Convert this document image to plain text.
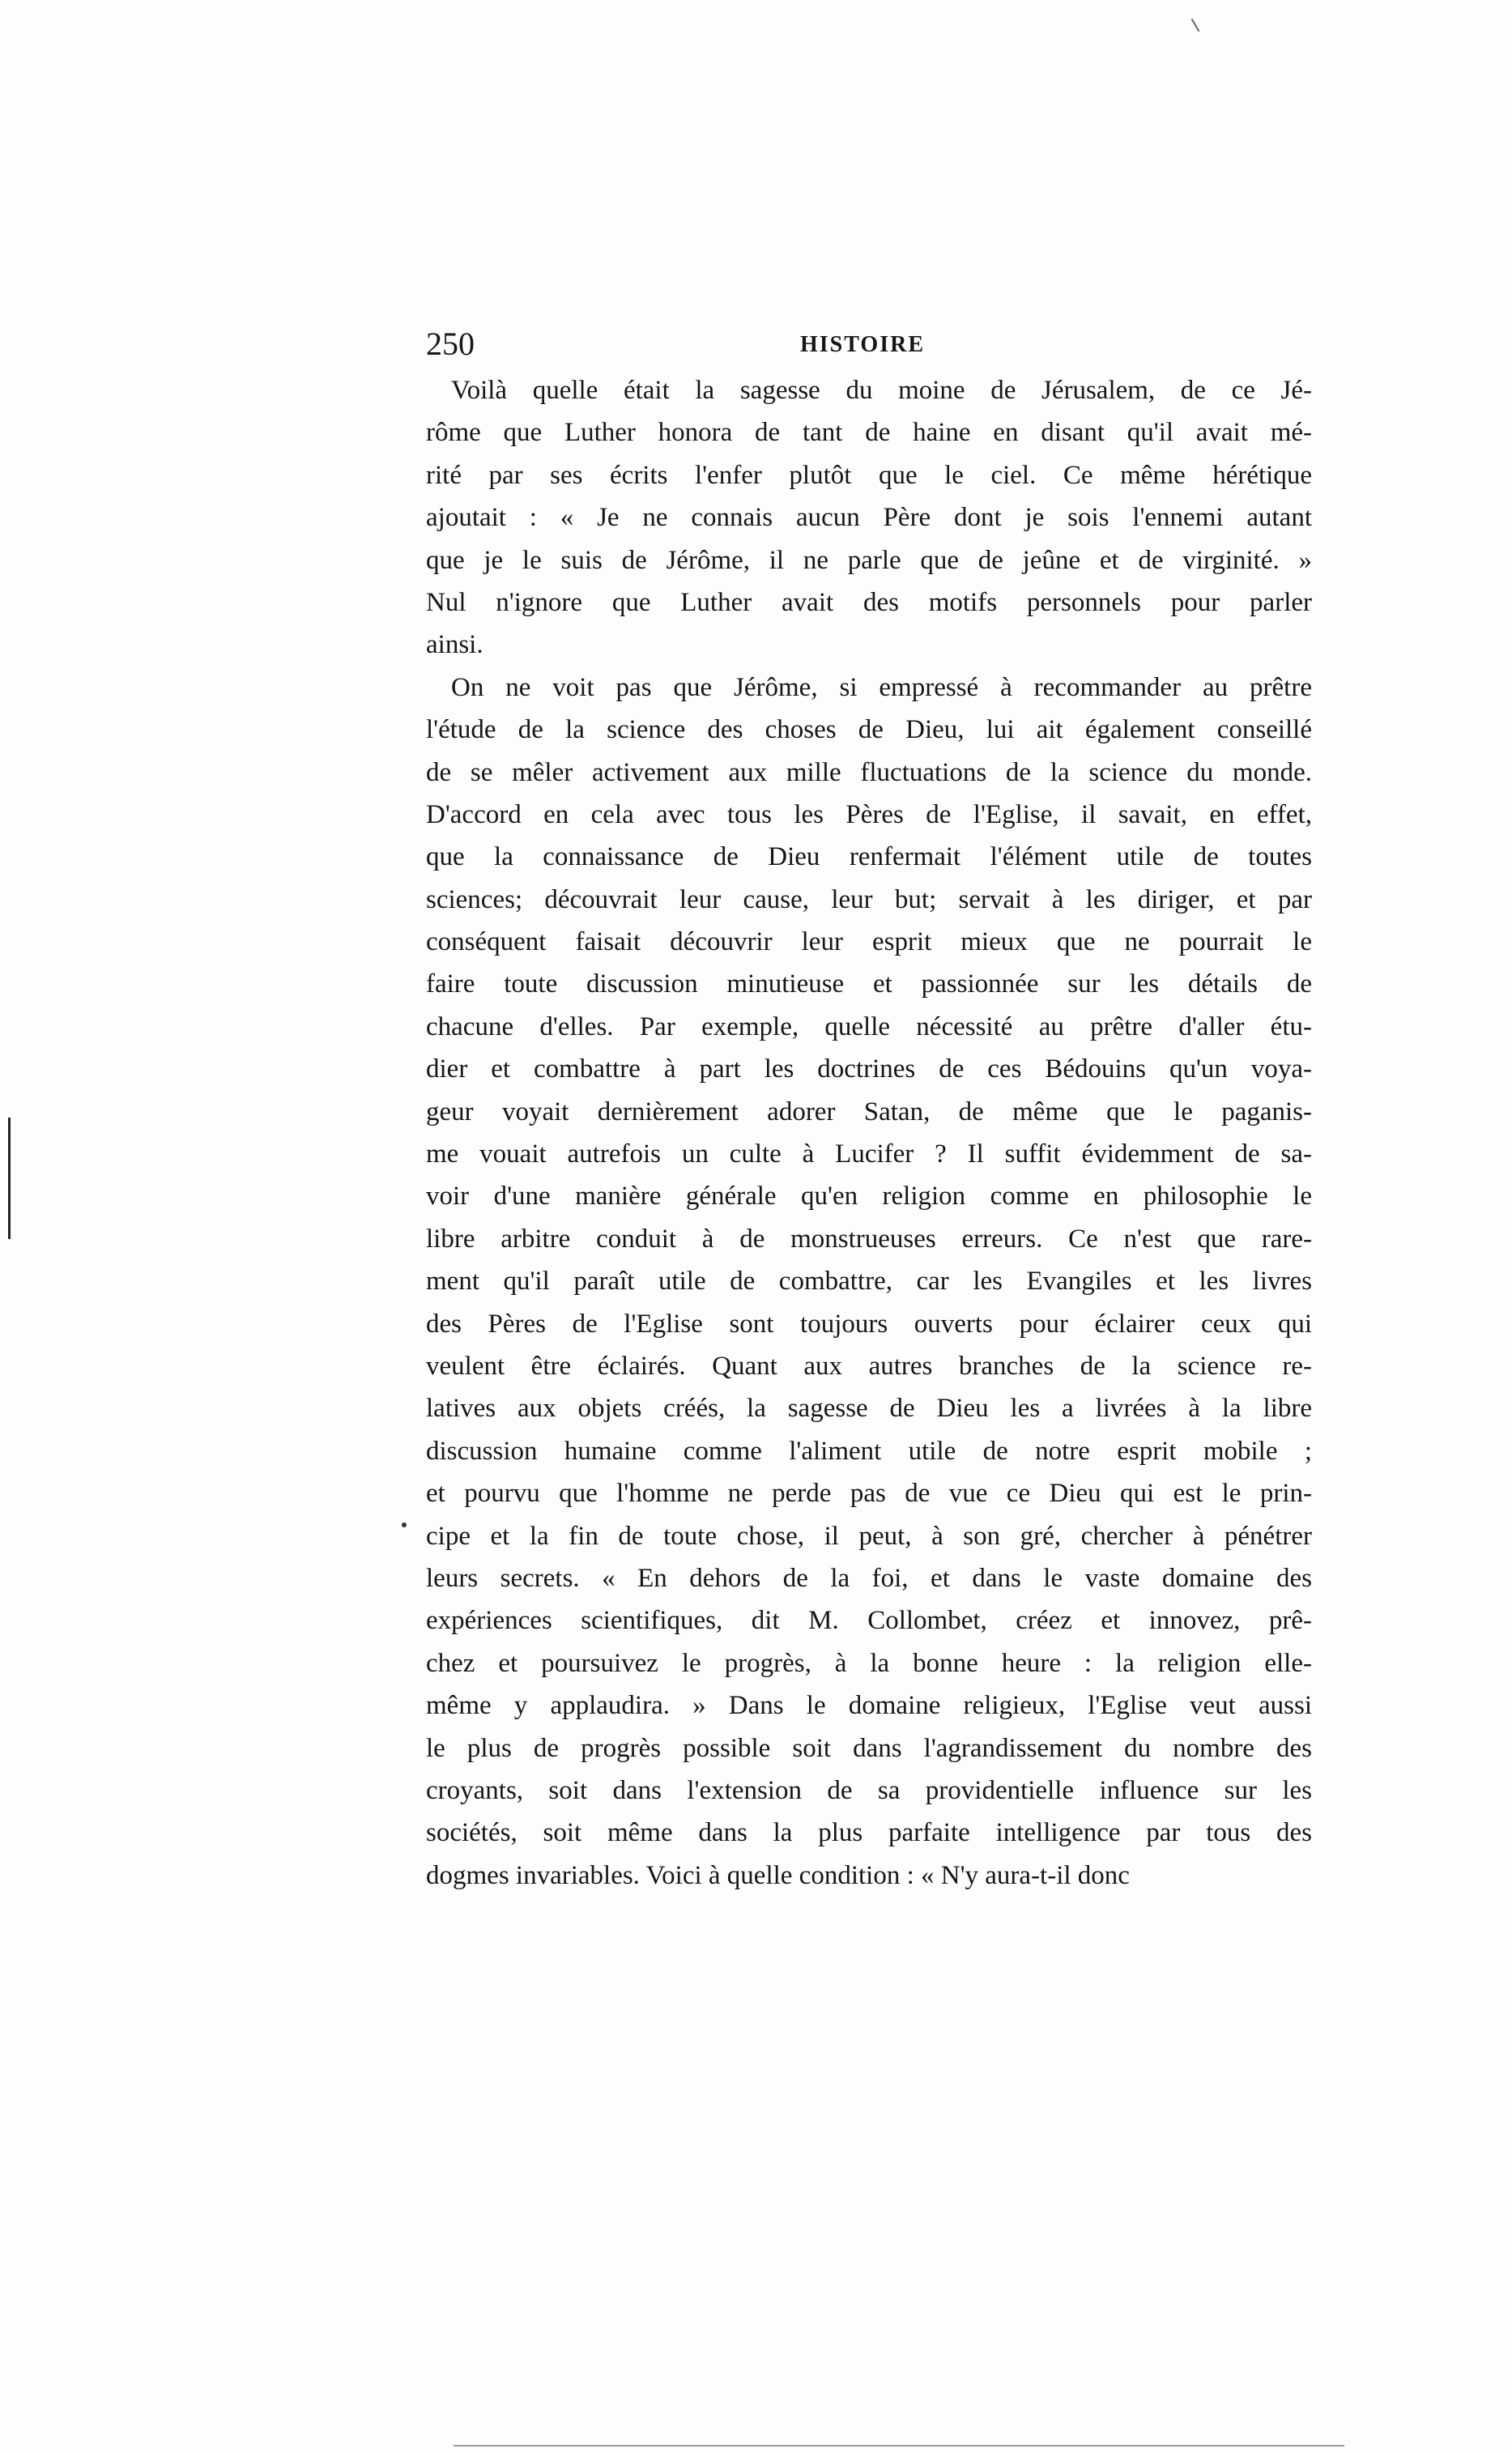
250	HISTOIRE
Voilà quelle était la sagesse du moine de Jérusalem, de ce Jé-
rôme que Luther honora de tant de haine en disant qu'il avait mé-
rité par ses écrits l'enfer plutôt que le ciel. Ce même hérétique
ajoutait : « Je ne connais aucun Père dont je sois l'ennemi autant
que je le suis de Jérôme, il ne parle que de jeûne et de virginité. »
Nul n'ignore que Luther avait des motifs personnels pour parler
ainsi.
On ne voit pas que Jérôme, si empressé à recommander au prêtre
l'étude de la science des choses de Dieu, lui ait également conseillé
de se mêler activement aux mille fluctuations de la science du monde.
D'accord en cela avec tous les Pères de l'Eglise, il savait, en effet,
que la connaissance de Dieu renfermait l'élément utile de toutes
sciences; découvrait leur cause, leur but; servait à les diriger, et par
conséquent faisait découvrir leur esprit mieux que ne pourrait le
faire toute discussion minutieuse et passionnée sur les détails de
chacune d'elles. Par exemple, quelle nécessité au prêtre d'aller étu-
dier et combattre à part les doctrines de ces Bédouins qu'un voya-
geur voyait dernièrement adorer Satan, de même que le paganis-
me vouait autrefois un culte à Lucifer ? Il suffit évidemment de sa-
voir d'une manière générale qu'en religion comme en philosophie le
libre arbitre conduit à de monstrueuses erreurs. Ce n'est que rare-
ment qu'il paraît utile de combattre, car les Evangiles et les livres
des Pères de l'Eglise sont toujours ouverts pour éclairer ceux qui
veulent être éclairés. Quant aux autres branches de la science re-
latives aux objets créés, la sagesse de Dieu les a livrées à la libre
discussion humaine comme l'aliment utile de notre esprit mobile ;
et pourvu que l'homme ne perde pas de vue ce Dieu qui est le prin-
cipe et la fin de toute chose, il peut, à son gré, chercher à pénétrer
leurs secrets. « En dehors de la foi, et dans le vaste domaine des
expériences scientifiques, dit M. Collombet, créez et innovez, prê-
chez et poursuivez le progrès, à la bonne heure : la religion elle-
même y applaudira. » Dans le domaine religieux, l'Eglise veut aussi
le plus de progrès possible soit dans l'agrandissement du nombre des
croyants, soit dans l'extension de sa providentielle influence sur les
sociétés, soit même dans la plus parfaite intelligence par tous des
dogmes invariables. Voici à quelle condition : « N'y aura-t-il donc
